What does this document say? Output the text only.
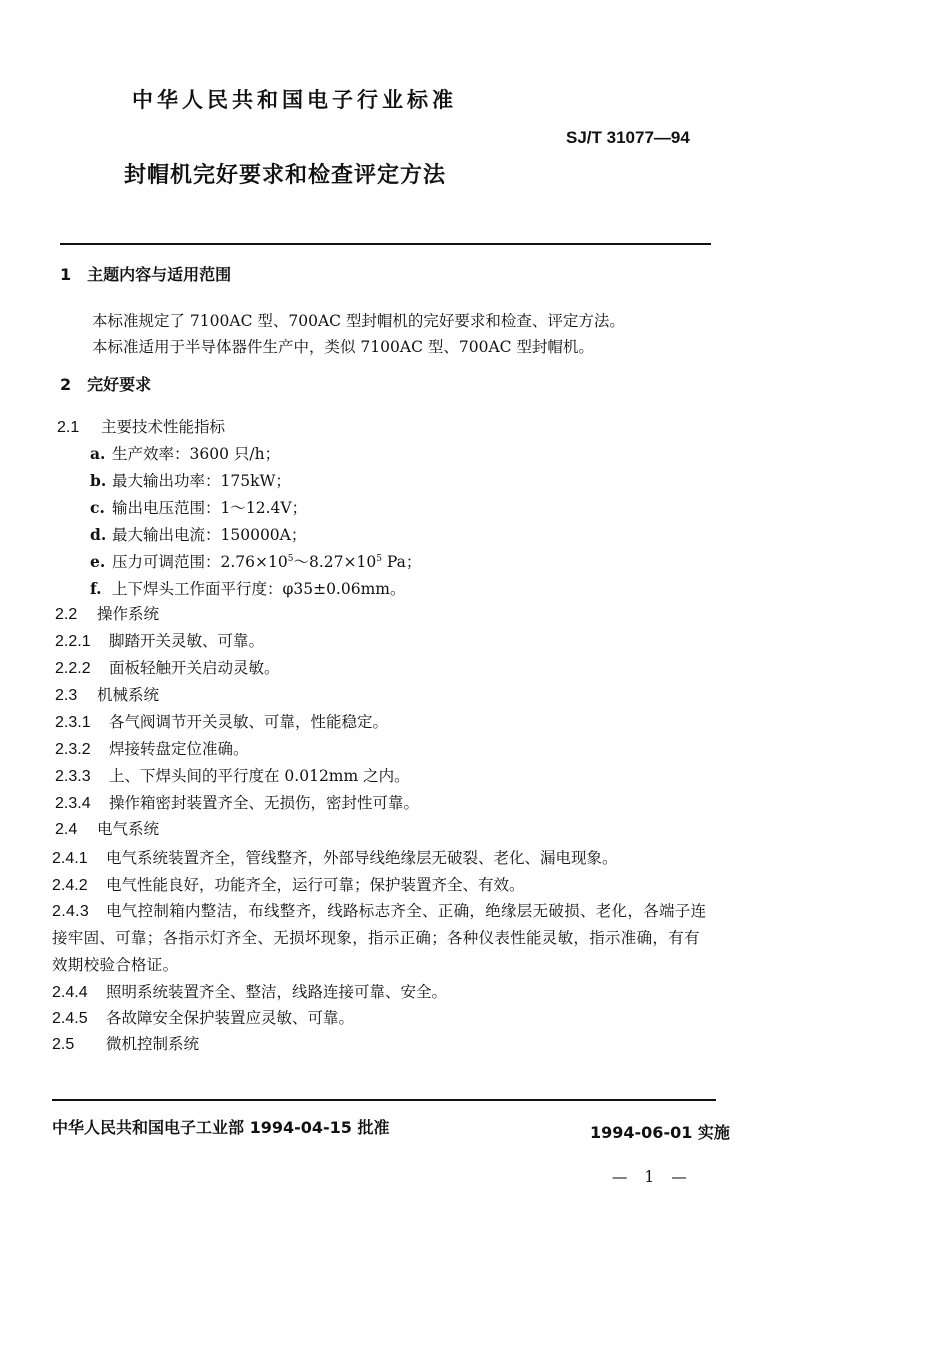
中华人民共和国电子行业标准
SJ/T 31077—94
封帽机完好要求和检查评定方法
1　主题内容与适用范围
本标准规定了 7100AC 型、700AC 型封帽机的完好要求和检查、评定方法。
本标准适用于半导体器件生产中，类似 7100AC 型、700AC 型封帽机。
2　完好要求
2.1 主要技术性能指标
a. 生产效率：3600 只/h；
b. 最大输出功率：175kW；
c. 输出电压范围：1～12.4V；
d. 最大输出电流：150000A；
e. 压力可调范围：$2.76\times 10^5\sim 8.27\times 10^5$ Pa；
f. 上下焊头工作面平行度：φ35±0.06mm。
2.2 操作系统
2.2.1 脚踏开关灵敏、可靠。
2.2.2 面板轻触开关启动灵敏。
2.3 机械系统
2.3.1 各气阀调节开关灵敏、可靠，性能稳定。
2.3.2 焊接转盘定位准确。
2.3.3 上、下焊头间的平行度在 0.012mm 之内。
2.3.4 操作箱密封装置齐全、无损伤，密封性可靠。
2.4 电气系统
2.4.1 电气系统装置齐全，管线整齐，外部导线绝缘层无破裂、老化、漏电现象。
2.4.2 电气性能良好，功能齐全，运行可靠；保护装置齐全、有效。
2.4.3 电气控制箱内整洁，布线整齐，线路标志齐全、正确，绝缘层无破损、老化，各端子连接牢固、可靠；各指示灯齐全、无损坏现象，指示正确；各种仪表性能灵敏，指示准确，有有效期校验合格证。
2.4.4 照明系统装置齐全、整洁，线路连接可靠、安全。
2.4.5 各故障安全保护装置应灵敏、可靠。
2.5 微机控制系统
中华人民共和国电子工业部 1994-04-15 批准	1994-06-01 实施
— 1 —
